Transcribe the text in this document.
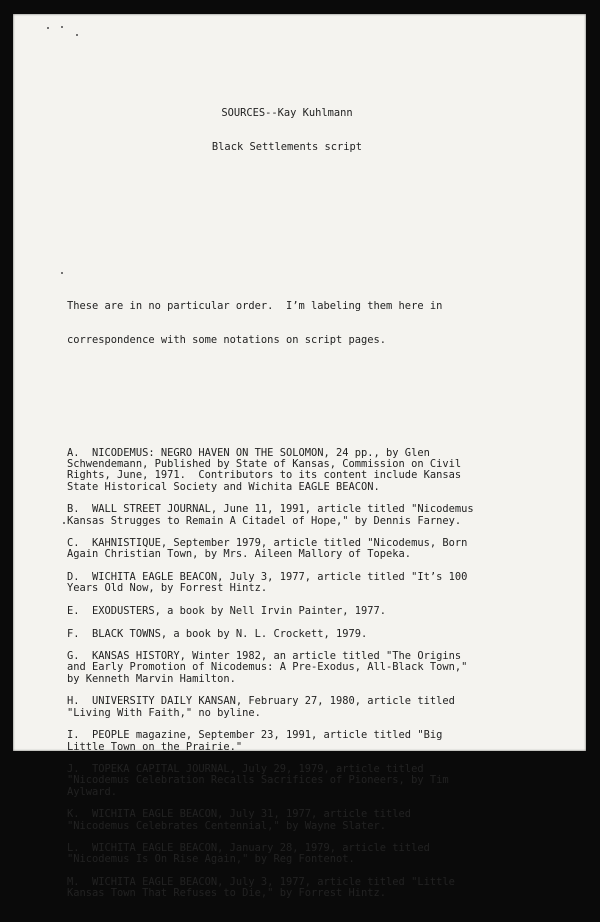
SOURCES--Kay Kuhlmann

Black Settlements script

These are in no particular order.  I’m labeling them here in

correspondence with some notations on script pages.

A.  NICODEMUS: NEGRO HAVEN ON THE SOLOMON, 24 pp., by Glen
Schwendemann, Published by State of Kansas, Commission on Civil
Rights, June, 1971.  Contributors to its content include Kansas
State Historical Society and Wichita EAGLE BEACON.
B.  WALL STREET JOURNAL, June 11, 1991, article titled "Nicodemus
Kansas Strugges to Remain A Citadel of Hope," by Dennis Farney.
C.  KAHNISTIQUE, September 1979, article titled "Nicodemus, Born
Again Christian Town, by Mrs. Aileen Mallory of Topeka.
D.  WICHITA EAGLE BEACON, July 3, 1977, article titled "It’s 100
Years Old Now, by Forrest Hintz.
E.  EXODUSTERS, a book by Nell Irvin Painter, 1977.
F.  BLACK TOWNS, a book by N. L. Crockett, 1979.
G.  KANSAS HISTORY, Winter 1982, an article titled "The Origins
and Early Promotion of Nicodemus: A Pre-Exodus, All-Black Town,"
by Kenneth Marvin Hamilton.
H.  UNIVERSITY DAILY KANSAN, February 27, 1980, article titled
"Living With Faith," no byline.
I.  PEOPLE magazine, September 23, 1991, article titled "Big
Little Town on the Prairie."
J.  TOPEKA CAPITAL JOURNAL, July 29, 1979, article titled
"Nicodemus Celebration Recalls Sacrifices of Pioneers, by Tim
Aylward.
K.  WICHITA EAGLE BEACON, July 31, 1977, article titled
"Nicodemus Celebrates Centennial," by Wayne Slater.
L.  WICHITA EAGLE BEACON, January 28, 1979, article titled
"Nicodemus Is On Rise Again," by Reg Fontenot.
M.  WICHITA EAGLE BEACON, July 3, 1977, article titled "Little
Kansas Town That Refuses to Die," by Forrest Hintz.
